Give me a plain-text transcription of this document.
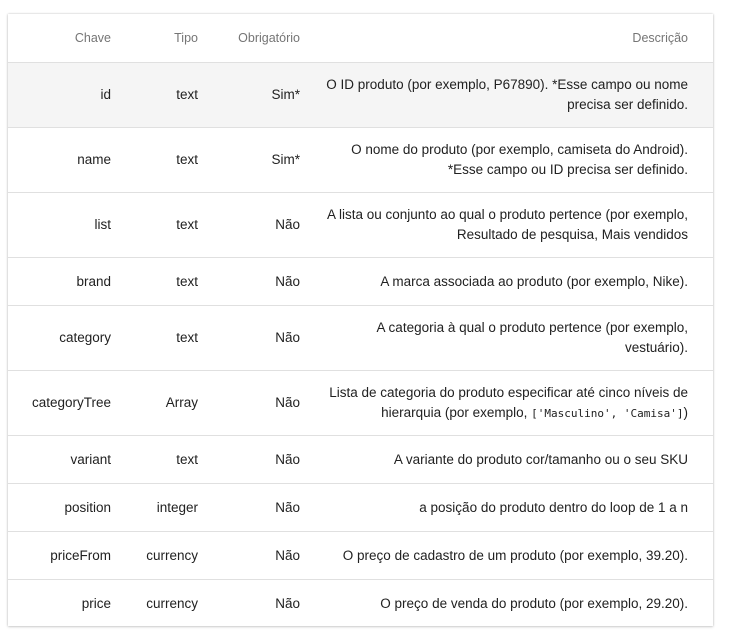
Chave	Tipo	Obrigatório	Descrição
id	text	Sim*	O ID produto (por exemplo, P67890). *Esse campo ou nome
precisa ser definido.
name	text	Sim*	O nome do produto (por exemplo, camiseta do Android).
*Esse campo ou ID precisa ser definido.
list	text	Não	A lista ou conjunto ao qual o produto pertence (por exemplo,
Resultado de pesquisa, Mais vendidos
brand	text	Não	A marca associada ao produto (por exemplo, Nike).
category	text	Não	A categoria à qual o produto pertence (por exemplo,
vestuário).
categoryTree	Array	Não	Lista de categoria do produto especificar até cinco níveis de
hierarquia (por exemplo, ['Masculino', 'Camisa'])
variant	text	Não	A variante do produto cor/tamanho ou o seu SKU
position	integer	Não	a posição do produto dentro do loop de 1 a n
priceFrom	currency	Não	O preço de cadastro de um produto (por exemplo, 39.20).
price	currency	Não	O preço de venda do produto (por exemplo, 29.20).
